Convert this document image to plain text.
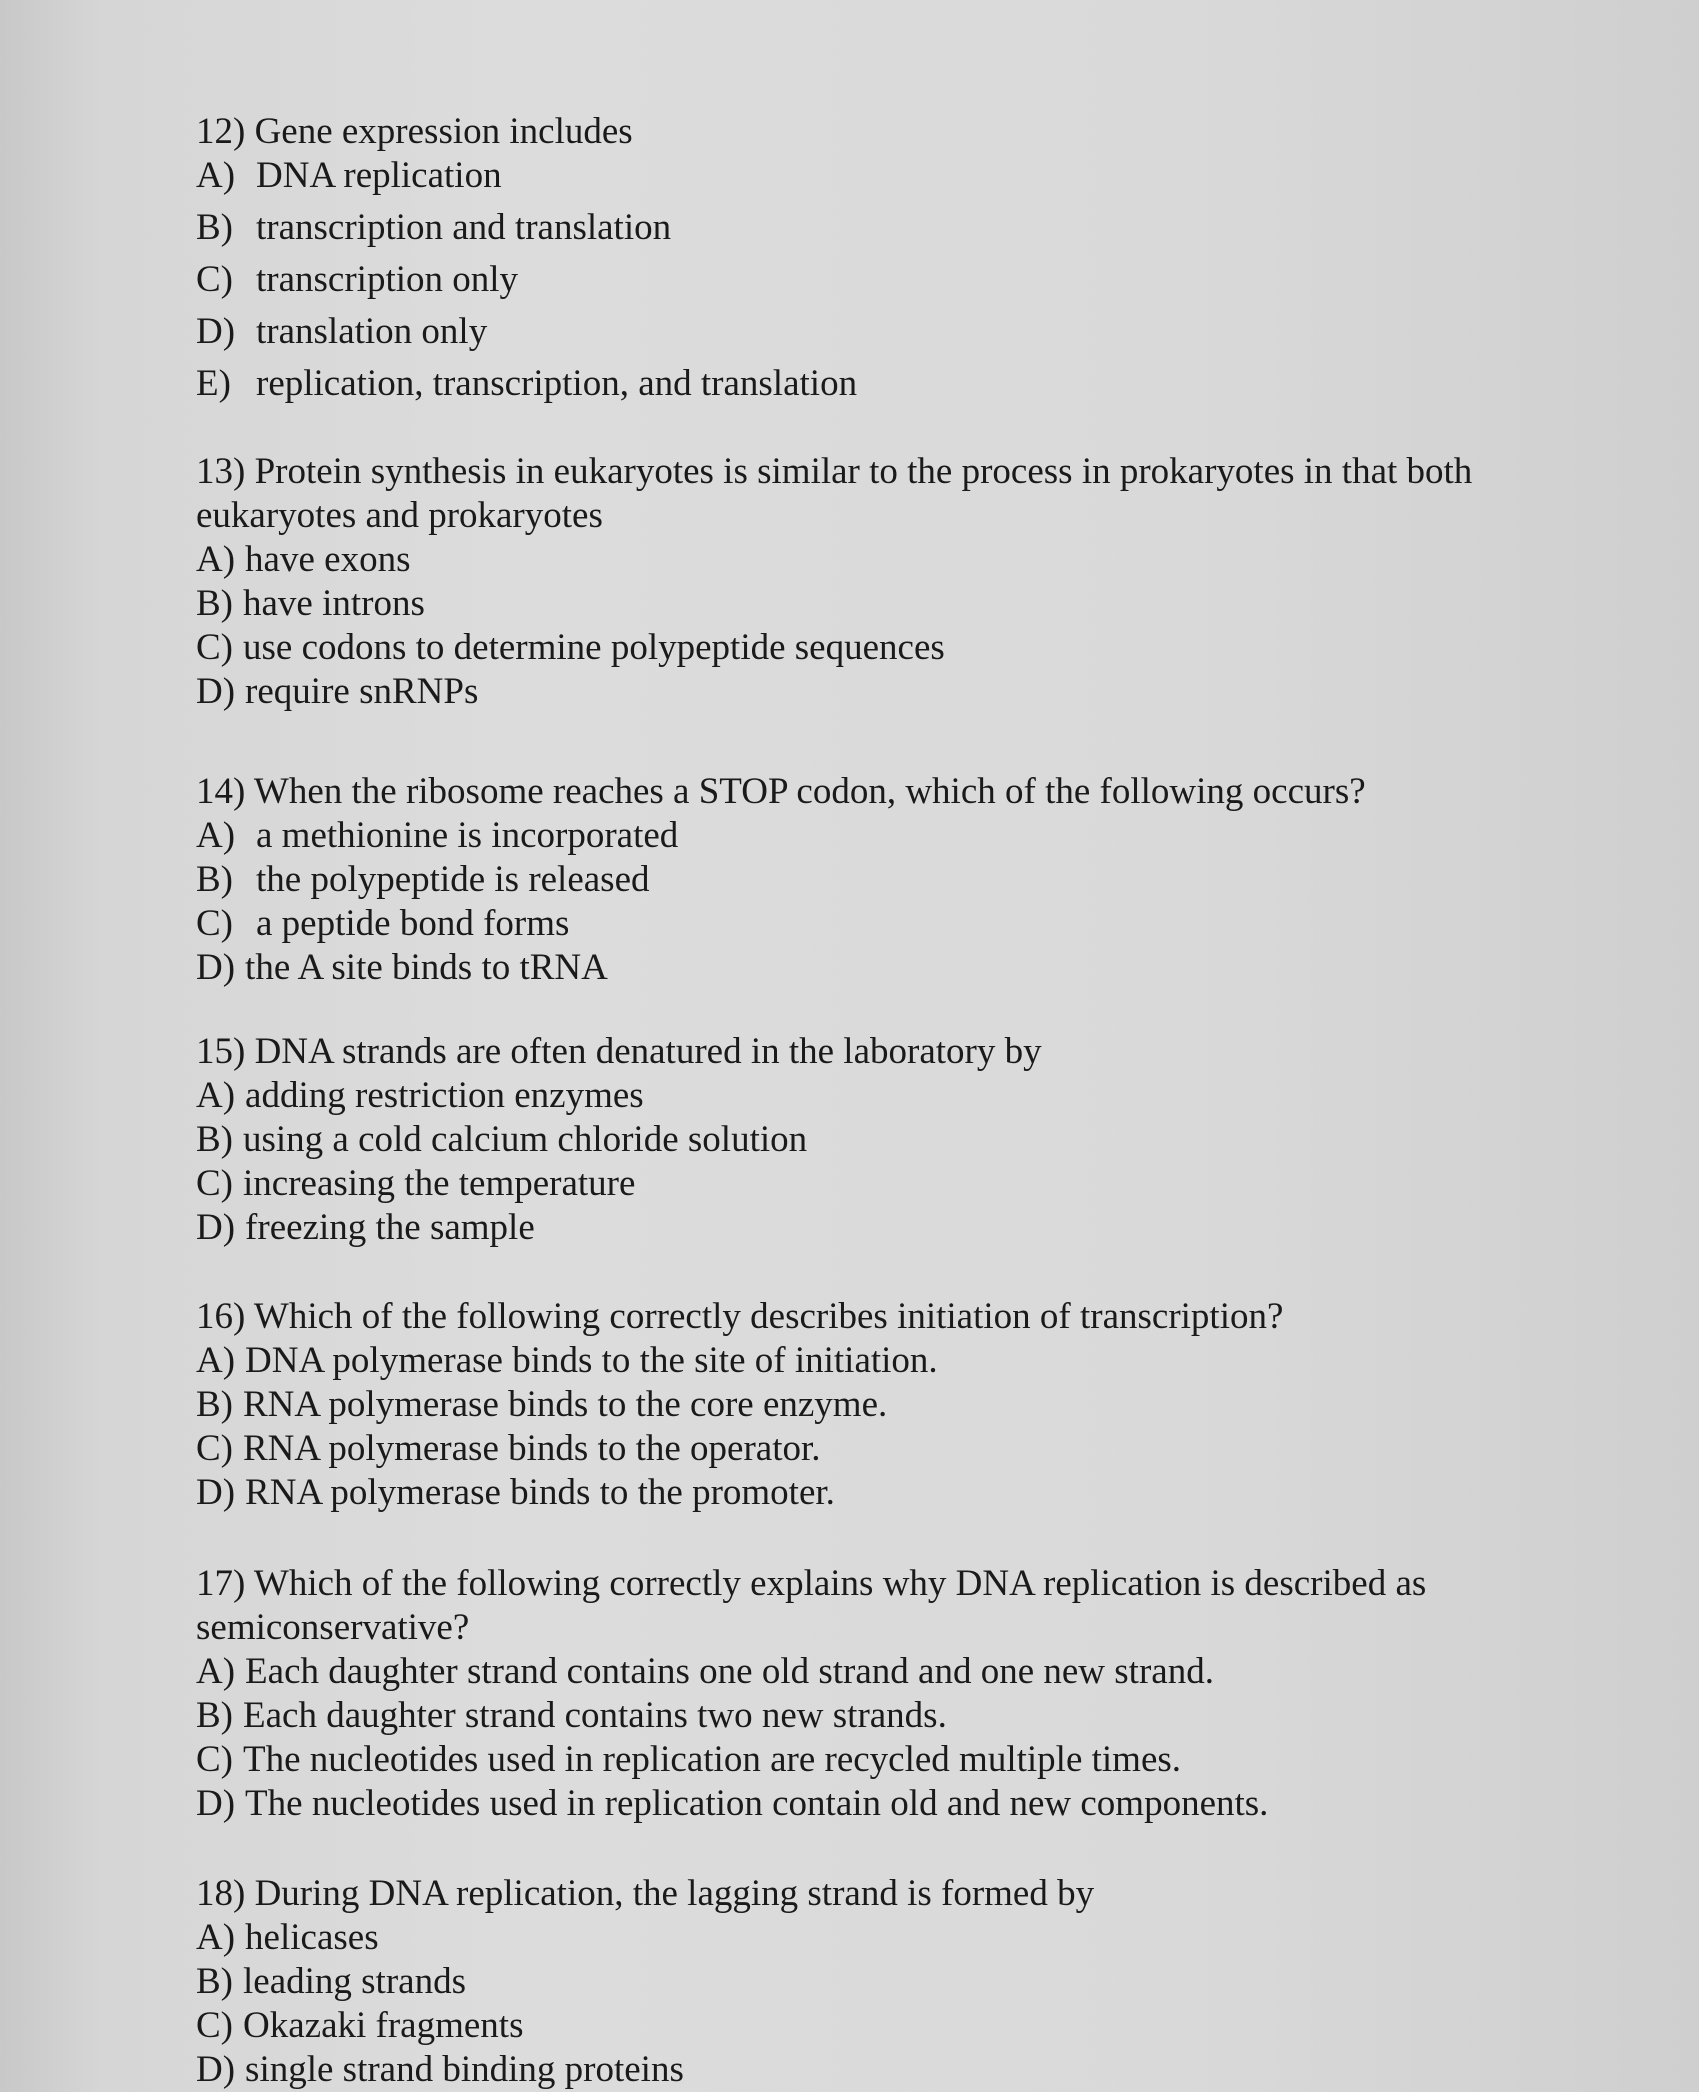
12) Gene expression includes

A) DNA replication
B) transcription and translation
C) transcription only
D) translation only
E) replication, transcription, and translation

13) Protein synthesis in eukaryotes is similar to the process in prokaryotes in that both eukaryotes and prokaryotes

A) have exons
B) have introns
C) use codons to determine polypeptide sequences
D) require snRNPs

14) When the ribosome reaches a STOP codon, which of the following occurs?

A) a methionine is incorporated
B) the polypeptide is released
C) a peptide bond forms
D) the A site binds to tRNA

15) DNA strands are often denatured in the laboratory by

A) adding restriction enzymes
B) using a cold calcium chloride solution
C) increasing the temperature
D) freezing the sample

16) Which of the following correctly describes initiation of transcription?

A) DNA polymerase binds to the site of initiation.
B) RNA polymerase binds to the core enzyme.
C) RNA polymerase binds to the operator.
D) RNA polymerase binds to the promoter.

17) Which of the following correctly explains why DNA replication is described as semiconservative?

A) Each daughter strand contains one old strand and one new strand.
B) Each daughter strand contains two new strands.
C) The nucleotides used in replication are recycled multiple times.
D) The nucleotides used in replication contain old and new components.

18) During DNA replication, the lagging strand is formed by

A) helicases
B) leading strands
C) Okazaki fragments
D) single strand binding proteins
